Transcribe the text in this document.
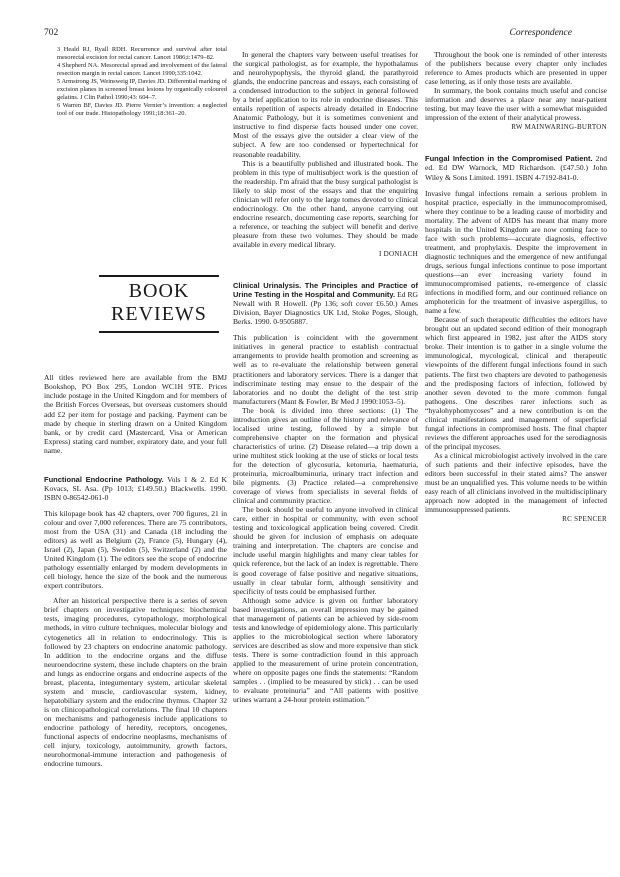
702	Correspondence
3 Heald RJ, Ryall RDH. Recurrence and survival after total mesorectal excision for rectal cancer. Lancet 1986;i:1479–82.
4 Shepherd NA. Mesorectal spread and involvement of the lateral resection margin in rectal cancer. Lancet 1990;335:1042.
5 Armstrong JS, Weinsweig IP, Davies JD. Differential marking of excision planes in screened breast lesions by organically coloured gelatins. J Clin Pathol 1990;43: 604–7.
6 Warren BF, Davies JD. Pierre Vernier’s invention: a neglected tool of our trade. Histopathology 1991;18:361–20.
BOOK
REVIEWS

All titles reviewed here are available from the BMJ Bookshop, PO Box 295, London WC1H 9TE. Prices include postage in the United Kingdom and for members of the British Forces Overseas, but overseas customers should add £2 per item for postage and packing. Payment can be made by cheque in sterling drawn on a United Kingdom bank, or by credit card (Mastercard, Visa or American Express) stating card number, expiratory date, and your full name.

Functional Endocrine Pathology. Vols 1 & 2. Ed K Kovacs, SL Asa. (Pp 1013; £149.50.) Blackwells. 1990. ISBN 0-86542-061-0

This kilopage book has 42 chapters, over 700 figures, 21 in colour and over 7,000 references. There are 75 contributors, most from the USA (31) and Canada (18 including the editors) as well as Belgium (2), France (5), Hungary (4), Israel (2), Japan (5), Sweden (5), Switzerland (2) and the United Kingdom (1). The editors see the scope of endocrine pathology essentially enlarged by modern developments in cell biology, hence the size of the book and the numerous expert contributors.

After an historical perspective there is a series of seven brief chapters on investigative techniques: biochemical tests, imaging procedures, cytopathology, morphological methods, in vitro culture techniques, molecular biology and cytogenetics all in relation to endocrinology. This is followed by 23 chapters on endocrine anatomic pathology. In addition to the endocrine organs and the diffuse neuroendocrine system, these include chapters on the brain and lungs as endocrine organs and endocrine aspects of the breast, placenta, integumentary system, articular skeletal system and muscle, cardiovascular system, kidney, hepatobiliary system and the endocrine thymus. Chapter 32 is on clinicopathological correlations. The final 10 chapters on mechanisms and pathogenesis include applications to endocrine pathology of heredity, receptors, oncogenes, functional aspects of endocrine neoplasms, mechanisms of cell injury, toxicology, autoimmunity, growth factors, neurohormonal-immune interaction and pathogenesis of endocrine tumours.

In general the chapters vary between useful treatises for the surgical pathologist, as for example, the hypothalamus and neurohypophysis, the thyroid gland, the parathyroid glands, the endocrine pancreas and essays, each consisting of a condensed introduction to the subject in general followed by a brief application to its role in endocrine diseases. This entails repetition of aspects already detailed in Endocrine Anatomic Pathology, but it is sometimes convenient and instructive to find disperse facts housed under one cover. Most of the essays give the outsider a clear view of the subject. A few are too condensed or hypertechnical for reasonable readability.

This is a beautifully published and illustrated book. The problem in this type of multisubject work is the question of the readership. I'm afraid that the busy surgical pathologist is likely to skip most of the essays and that the enquiring clinician will refer only to the large tomes devoted to clinical endocrinology. On the other hand, anyone carrying out endocrine research, documenting case reports, searching for a reference, or teaching the subject will benefit and derive pleasure from these two volumes. They should be made available in every medical library.

I DONIACH

Clinical Urinalysis. The Principles and Practice of Urine Testing in the Hospital and Community. Ed RG Newall with R Howell. (Pp 136; soft cover £6.50.) Ames Division, Bayer Diagnostics UK Ltd, Stoke Poges, Slough, Berks. 1990. 0-9505887.

This publication is coincident with the government initiatives in general practice to establish contractual arrangements to provide health promotion and screening as well as to re-evaluate the relationship between general practitioners and laboratory services. There is a danger that indiscriminate testing may ensue to the despair of the laboratories and no doubt the delight of the test strip manufacturers (Mant & Fowler, Br Med J 1990:1053–5).

The book is divided into three sections: (1) The introduction gives an outline of the history and relevance of localised urine testing, followed by a simple but comprehensive chapter on the formation and physical characteristics of urine. (2) Disease related—a trip down a urine multitest stick looking at the use of sticks or local tests for the detection of glycosuria, ketonuria, haematuria, proteinuria, microalbuminuria, urinary tract infection and bile pigments. (3) Practice related—a comprehensive coverage of views from specialists in several fields of clinical and community practice.

The book should be useful to anyone involved in clinical care, either in hospital or community, with even school testing and toxicological application being covered. Credit should be given for inclusion of emphasis on adequate training and interpretation. The chapters are concise and include useful margin highlights and many clear tables for quick reference, but the lack of an index is regrettable. There is good coverage of false positive and negative situations, usually in clear tabular form, although sensitivity and specificity of tests could be emphasised further.

Although some advice is given on further laboratory based investigations, an overall impression may be gained that management of patients can be achieved by side-room tests and knowledge of epidemiology alone. This particularly applies to the microbiological section where laboratory services are described as slow and more expensive than stick tests. There is some contradiction found in this approach applied to the measurement of urine protein concentration, where on opposite pages one finds the statements: “Random samples . . (implied to be measured by stick) . . can be used to evaluate proteinuria” and “All patients with positive urines warrant a 24-hour protein estimation.”

Throughout the book one is reminded of other interests of the publishers because every chapter only includes reference to Ames products which are presented in upper case lettering, as if only those tests are available.

In summary, the book contains much useful and concise information and deserves a place near any near-patient testing, but may leave the user with a somewhat misguided impression of the extent of their analytical prowess.

RW MAINWARING-BURTON

Fungal Infection in the Compromised Patient. 2nd ed. Ed DW Warnock, MD Richardson. (£47.50.) John Wiley & Sons Limited. 1991. ISBN 4-7192-841-0.

Invasive fungal infections remain a serious problem in hospital practice, especially in the immunocompromised, where they continue to be a leading cause of morbidity and mortality. The advent of AIDS has meant that many more hospitals in the United Kingdom are now coming face to face with such problems—accurate diagnosis, effective treatment, and prophylaxis. Despite the improvement in diagnostic techniques and the emergence of new antifungal drugs, serious fungal infections continue to pose important questions—an ever increasing variety found in immunocompromised patients, re-emergence of classic infections in modified form, and our continued reliance on amphotericin for the treatment of invasive aspergillus, to name a few.

Because of such therapeutic difficulties the editors have brought out an updated second edition of their monograph which first appeared in 1982, just after the AIDS story broke. Their intention is to gather in a single volume the immunological, mycological, clinical and therapeutic viewpoints of the different fungal infections found in such patients. The first two chapters are devoted to pathogenesis and the predisposing factors of infection, followed by another seven devoted to the more common fungal pathogens. One describes rarer infections such as “hyalohyphomycoses” and a new contribution is on the clinical manifestations and management of superficial fungal infections in compromised hosts. The final chapter reviews the different approaches used for the serodiagnosis of the principal mycoses.

As a clinical microbiologist actively involved in the care of such patients and their infective episodes, have the editors been successful in their stated aims? The answer must be an unqualified yes. This volume needs to be within easy reach of all clinicians involved in the multidisciplinary approach now adopted in the management of infected immunosuppressed patients.

RC SPENCER
